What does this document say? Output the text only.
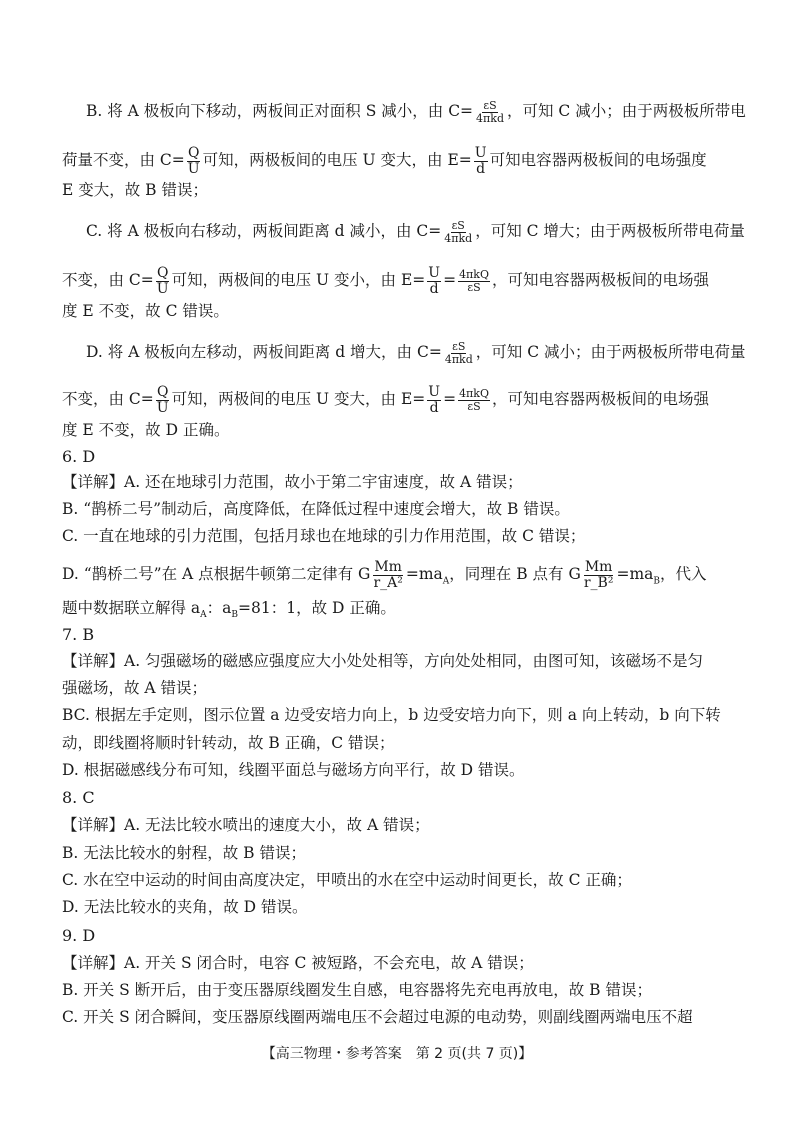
B. 将 A 极板向下移动，两板间正对面积 S 减小，由 $C= \frac{\varepsilon S}{\text{4πkd}}$ ，可知 C 减小；由于两极板所带电
荷量不变，由 $C= \frac{Q}{U}$ 可知，两极板间的电压 U 变大，由 $E= \frac{U}{d}$ 可知电容器两极板间的电场强度
E 变大，故 B 错误；
C. 将 A 极板向右移动，两板间距离 d 减小，由 $C= \frac{\varepsilon S}{\text{4πkd}}$ ，可知 C 增大；由于两极板所带电荷量
不变，由 $C= \frac{Q}{U}$ 可知，两极间的电压 U 变小，由 $E= \frac{U}{d} = \frac{\text{4πkQ}}{\varepsilon S}$ ，可知电容器两极板间的电场强
度 E 不变，故 C 错误。
D. 将 A 极板向左移动，两板间距离 d 增大，由 $C= \frac{\varepsilon S}{\text{4πkd}}$ ，可知 C 减小；由于两极板所带电荷量
不变，由 $C= \frac{Q}{U}$ 可知，两极间的电压 U 变大，由 $E= \frac{U}{d} = \frac{\text{4πkQ}}{\varepsilon S}$ ，可知电容器两极板间的电场强
度 E 不变，故 D 正确。
6. D
【详解】A. 还在地球引力范围，故小于第二宇宙速度，故 A 错误；
B. “鹊桥二号”制动后，高度降低，在降低过程中速度会增大，故 B 错误。
C. 一直在地球的引力范围，包括月球也在地球的引力作用范围，故 C 错误；
D. “鹊桥二号”在 A 点根据牛顿第二定律有 G $\frac{Mm}{\text{r\_A²}} =ma_A$，同理在 B 点有 G $\frac{Mm}{\text{r\_B²}} =ma_B$，代入
题中数据联立解得 $a_A$：$a_B=81$：1，故 D 正确。
7. B
【详解】A. 匀强磁场的磁感应强度应大小处处相等，方向处处相同，由图可知，该磁场不是匀
强磁场，故 A 错误；
BC. 根据左手定则，图示位置 a 边受安培力向上，b 边受安培力向下，则 a 向上转动，b 向下转
动，即线圈将顺时针转动，故 B 正确，C 错误；
D. 根据磁感线分布可知，线圈平面总与磁场方向平行，故 D 错误。
8. C
【详解】A. 无法比较水喷出的速度大小，故 A 错误；
B. 无法比较水的射程，故 B 错误；
C. 水在空中运动的时间由高度决定，甲喷出的水在空中运动时间更长，故 C 正确；
D. 无法比较水的夹角，故 D 错误。
9. D
【详解】A. 开关 S 闭合时，电容 C 被短路，不会充电，故 A 错误；
B. 开关 S 断开后，由于变压器原线圈发生自感，电容器将先充电再放电，故 B 错误；
C. 开关 S 闭合瞬间，变压器原线圈两端电压不会超过电源的电动势，则副线圈两端电压不超
【高三物理・参考答案　第 2 页(共 7 页)】
